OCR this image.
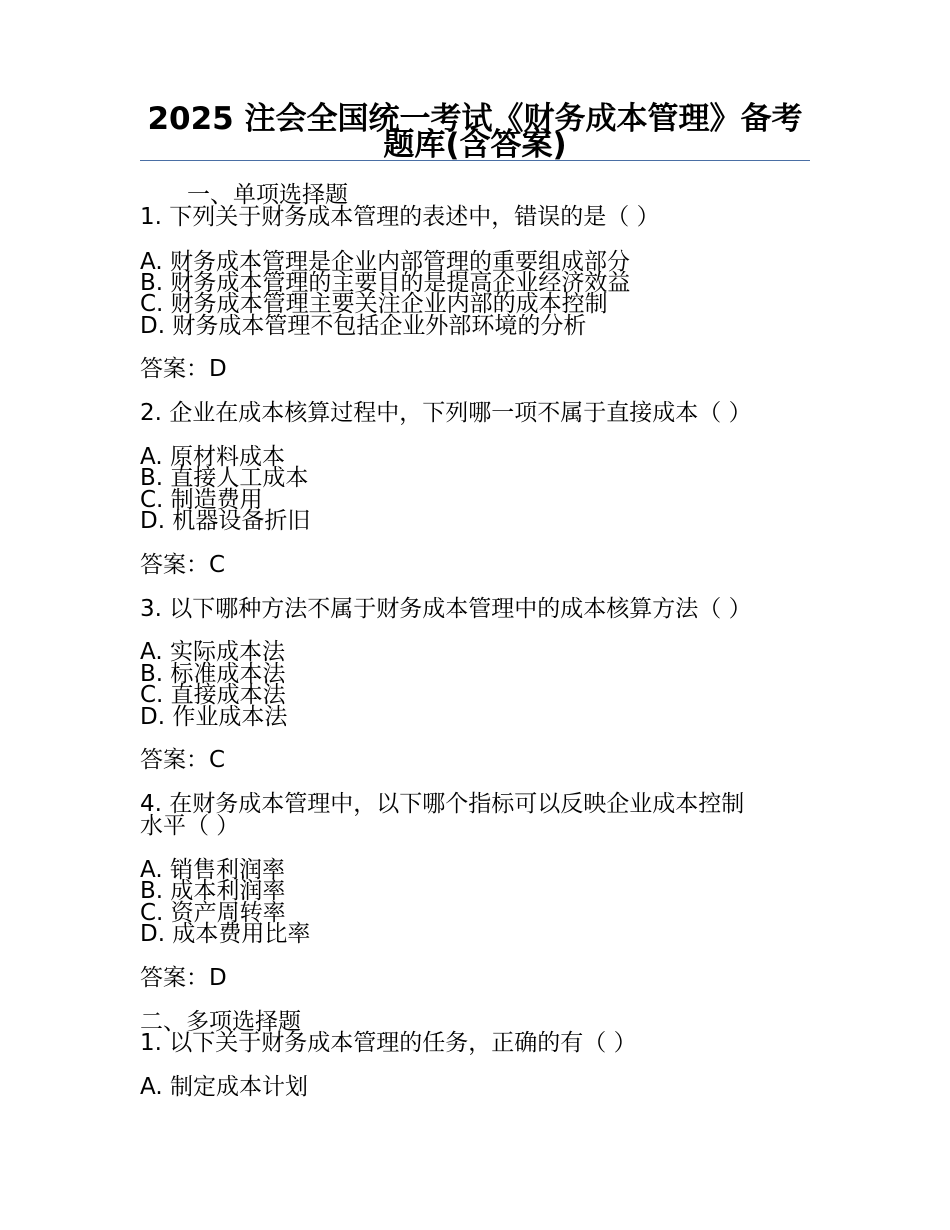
2025 注会全国统一考试《财务成本管理》备考题库(含答案)

一、单项选择题

1. 下列关于财务成本管理的表述中，错误的是（ ）

A. 财务成本管理是企业内部管理的重要组成部分

B. 财务成本管理的主要目的是提高企业经济效益

C. 财务成本管理主要关注企业内部的成本控制

D. 财务成本管理不包括企业外部环境的分析

答案：D

2. 企业在成本核算过程中，下列哪一项不属于直接成本（ ）

A. 原材料成本

B. 直接人工成本

C. 制造费用

D. 机器设备折旧

答案：C

3. 以下哪种方法不属于财务成本管理中的成本核算方法（ ）

A. 实际成本法

B. 标准成本法

C. 直接成本法

D. 作业成本法

答案：C

4. 在财务成本管理中，以下哪个指标可以反映企业成本控制

水平（ ）

A. 销售利润率

B. 成本利润率

C. 资产周转率

D. 成本费用比率

答案：D

二、多项选择题

1. 以下关于财务成本管理的任务，正确的有（ ）

A. 制定成本计划
